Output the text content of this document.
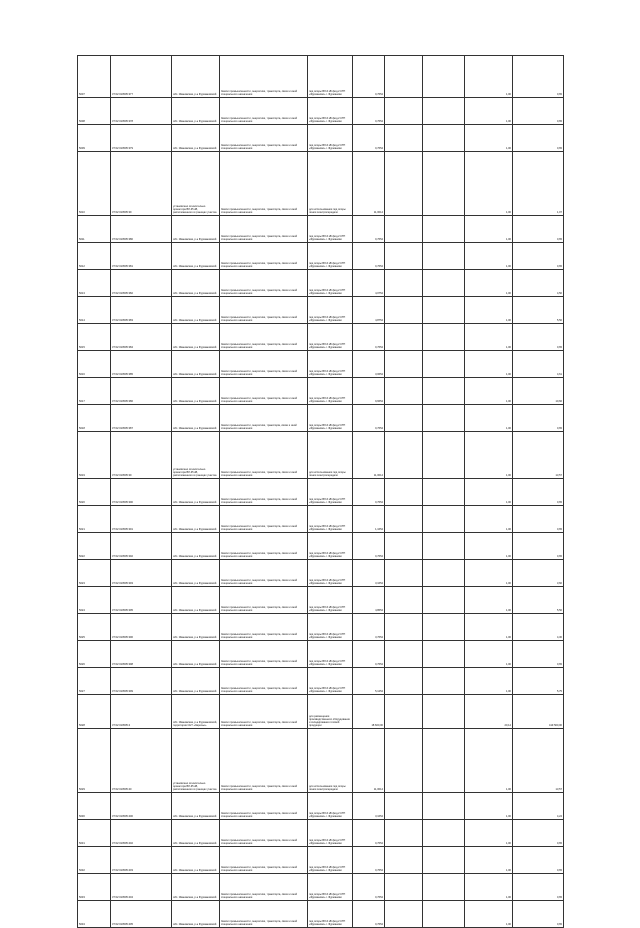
5007	37:02:010505:377	обл. Ивановская, р-н Фурмановский	Земли промышленности, энергетики, транспорта, связи и иной специального назначения	под опоры ВЛ-6 кВ фид.2 КТП «Фурманово» г. Фурманово	0,7654			1,00	0,65
5008	37:02:010505:378	обл. Ивановская, р-н Фурмановский	Земли промышленности, энергетики, транспорта, связи и иной специального назначения	под опоры ВЛ-6 кВ фид.2 КТП «Фурманово» г. Фурманово	0,7654			1,00	0,65
5009	37:02:010505:379	обл. Ивановская, р-н Фурмановский	Земли промышленности, энергетики, транспорта, связи и иной специального назначения	под опоры ВЛ-6 кВ фид.2 КТП «Фурманово» г. Фурманово	0,7654			1,00	0,65
5010	37:02:010505:39	установлено относительно ориентира ВЛ-35 кВ, расположенного в границах участка	Земли промышленности, энергетики, транспорта, связи и иной специального назначения	для использования под опоры линии электропередачи	11,0014			1,00	1,07
5011	37:02:010505:380	обл. Ивановская, р-н Фурмановский	Земли промышленности, энергетики, транспорта, связи и иной специального назначения	под опоры ВЛ-6 кВ фид.2 КТП «Фурманово» г. Фурманово	0,7654			1,00	0,65
5012	37:02:010505:381	обл. Ивановская, р-н Фурмановский	Земли промышленности, энергетики, транспорта, связи и иной специального назначения	под опоры ВЛ-6 кВ фид.2 КТП «Фурманово» г. Фурманово	0,7654			1,00	0,65
5013	37:02:010505:382	обл. Ивановская, р-н Фурмановский	Земли промышленности, энергетики, транспорта, связи и иной специального назначения	под опоры ВЛ-6 кВ фид.2 КТП «Фурманово» г. Фурманово	4,0754			1,00	4,50
5014	37:02:010505:383	обл. Ивановская, р-н Фурмановский	Земли промышленности, энергетики, транспорта, связи и иной специального назначения	под опоры ВЛ-6 кВ фид.2 КТП «Фурманово» г. Фурманово	4,8754			1,00	5,50
5015	37:02:010505:384	обл. Ивановская, р-н Фурмановский	Земли промышленности, энергетики, транспорта, связи и иной специального назначения	под опоры ВЛ-6 кВ фид.2 КТП «Фурманово» г. Фурманово	0,7654			1,00	0,65
5016	37:02:010505:385	обл. Ивановская, р-н Фурмановский	Земли промышленности, энергетики, транспорта, связи и иной специального назначения	под опоры ВЛ-6 кВ фид.2 КТП «Фурманово» г. Фурманово	3,0654			1,00	4,61
5017	37:02:010505:386	обл. Ивановская, р-н Фурмановский	Земли промышленности, энергетики, транспорта, связи и иной специального назначения	под опоры ВЛ-6 кВ фид.2 КТП «Фурманово» г. Фурманово	9,6654			1,00	10,66
5018	37:02:010505:387	обл. Ивановская, р-н Фурмановский	Земли промышленности, энергетики, транспорta, связи и иной специального назначения	под опоры ВЛ-6 кВ фид.2 КТП «Фурманово» г. Фурманово	0,7654			1,00	0,65
5019	37:02:010505:39	установлено относительно ориентира ВЛ-35 кВ, расположенного в границах участка	Земли промышленности, энергетики, транспорта, связи и иной специального назначения	для использования под опоры линии электропередачи	11,0014			1,00	13,57
5020	37:02:010505:390	обл. Ивановская, р-н Фурмановский	Земли промышленности, энергетики, транспорта, связи и иной специального назначения	под опоры ВЛ-6 кВ фид.2 КТП «Фурманово» г. Фурманово	0,7654			1,00	0,65
5021	37:02:010505:391	обл. Ивановская, р-н Фурмановский	Земли промышленности, энергетики, транспорта, связи и иной специального назначения	под опоры ВЛ-6 кВ фид.2 КТП «Фурманово» г. Фурманово	1,1654			1,00	0,65
5022	37:02:010505:392	обл. Ивановская, р-н Фурмановский	Земли промышленности, энергетики, транспорта, связи и иной специального назначения	под опоры ВЛ-6 кВ фид.2 КТП «Фурманово» г. Фурманово	0,7654			1,00	0,65
5023	37:02:010505:393	обл. Ивановская, р-н Фурмановский	Земли промышленности, энергетики, транспорта, связи и иной специального назначения	под опоры ВЛ-6 кВ фид.2 КТП «Фурманово» г. Фурманово	3,1654			1,00	3,60
5024	37:02:010505:395	обл. Ивановская, р-н Фурмановский	Земли промышленности, энергетики, транспорта, связи и иной специального назначения	под опоры ВЛ-6 кВ фид.2 КТП «Фурманово» г. Фурманово	4,8654			1,00	5,50
5025	37:02:010505:396	обл. Ивановская, р-н Фурмановский	Земли промышленности, энергетики, транспорта, связи и иной специального назначения	под опоры ВЛ-6 кВ фид.2 КТП «Фурманово» г. Фурманово	3,7654			1,00	4,30
5026	37:02:010505:398	обл. Ивановская, р-н Фурмановский	Земли промышленности, энергетики, транспорта, связи и иной специального назначения	под опоры ВЛ-6 кВ фид.2 КТП «Фурманово» г. Фурманово	0,7654			1,00	0,65
5027	37:02:010505:399	обл. Ивановская, р-н Фурмановский	Земли промышленности, энергетики, транспорта, связи и иной специального назначения	под опоры ВЛ-6 кВ фид.2 КТП «Фурманово» г. Фурманово	5,1254			1,00	5,75
5028	37:02:010505:4	обл. Ивановская, р-н Фурмановский, территория СНТ «Заречье»	Земли промышленности, энергетики, транспорта, связи и иной специального назначения	для размещения производственного оборудования и складирования готовой продукции	18 600,00			20,14	419 500,00
5029	37:02:010505:40	установлено относительно ориентира ВЛ-35 кВ, расположенного в границах участка	Земли промышленности, энергетики, транспорта, связи и иной специального назначения	для использования под опоры линии электропередачи	11,0014			1,00	13,57
5030	37:02:010505:400	обл. Ивановская, р-н Фурмановский	Земли промышленности, энергетики, транспорта, связи и иной специального назначения	под опоры ВЛ-6 кВ фид.2 КТП «Фурманово» г. Фурманово	3,1654			1,00	4,24
5031	37:02:010505:402	обл. Ивановская, р-н Фурмановский	Земли промышленности, энергетики, транспорта, связи и иной специального назначения	под опоры ВЛ-6 кВ фид.2 КТП «Фурманово» г. Фурманово	0,7654			1,00	0,65
5032	37:02:010505:403	обл. Ивановская, р-н Фурмановский	Земли промышленности, энергетики, транспорта, связи и иной специального назначения	под опоры ВЛ-6 кВ фид.2 КТП «Фурманово» г. Фурманово	0,7654			1,00	0,65
5033	37:02:010505:404	обл. Ивановская, р-н Фурмановский	Земли промышленности, энергетики, транспорта, связи и иной специального назначения	под опоры ВЛ-6 кВ фид.2 КТП «Фурманово» г. Фурманово	0,7654			1,00	0,65
5034	37:02:010505:405	обл. Ивановская, р-н Фурмановский	Земли промышленности, энергетики, транспорта, связи и иной специального назначения	под опоры ВЛ-6 кВ фид.2 КТП «Фурманово» г. Фурманово	0,7654			1,00	0,65
